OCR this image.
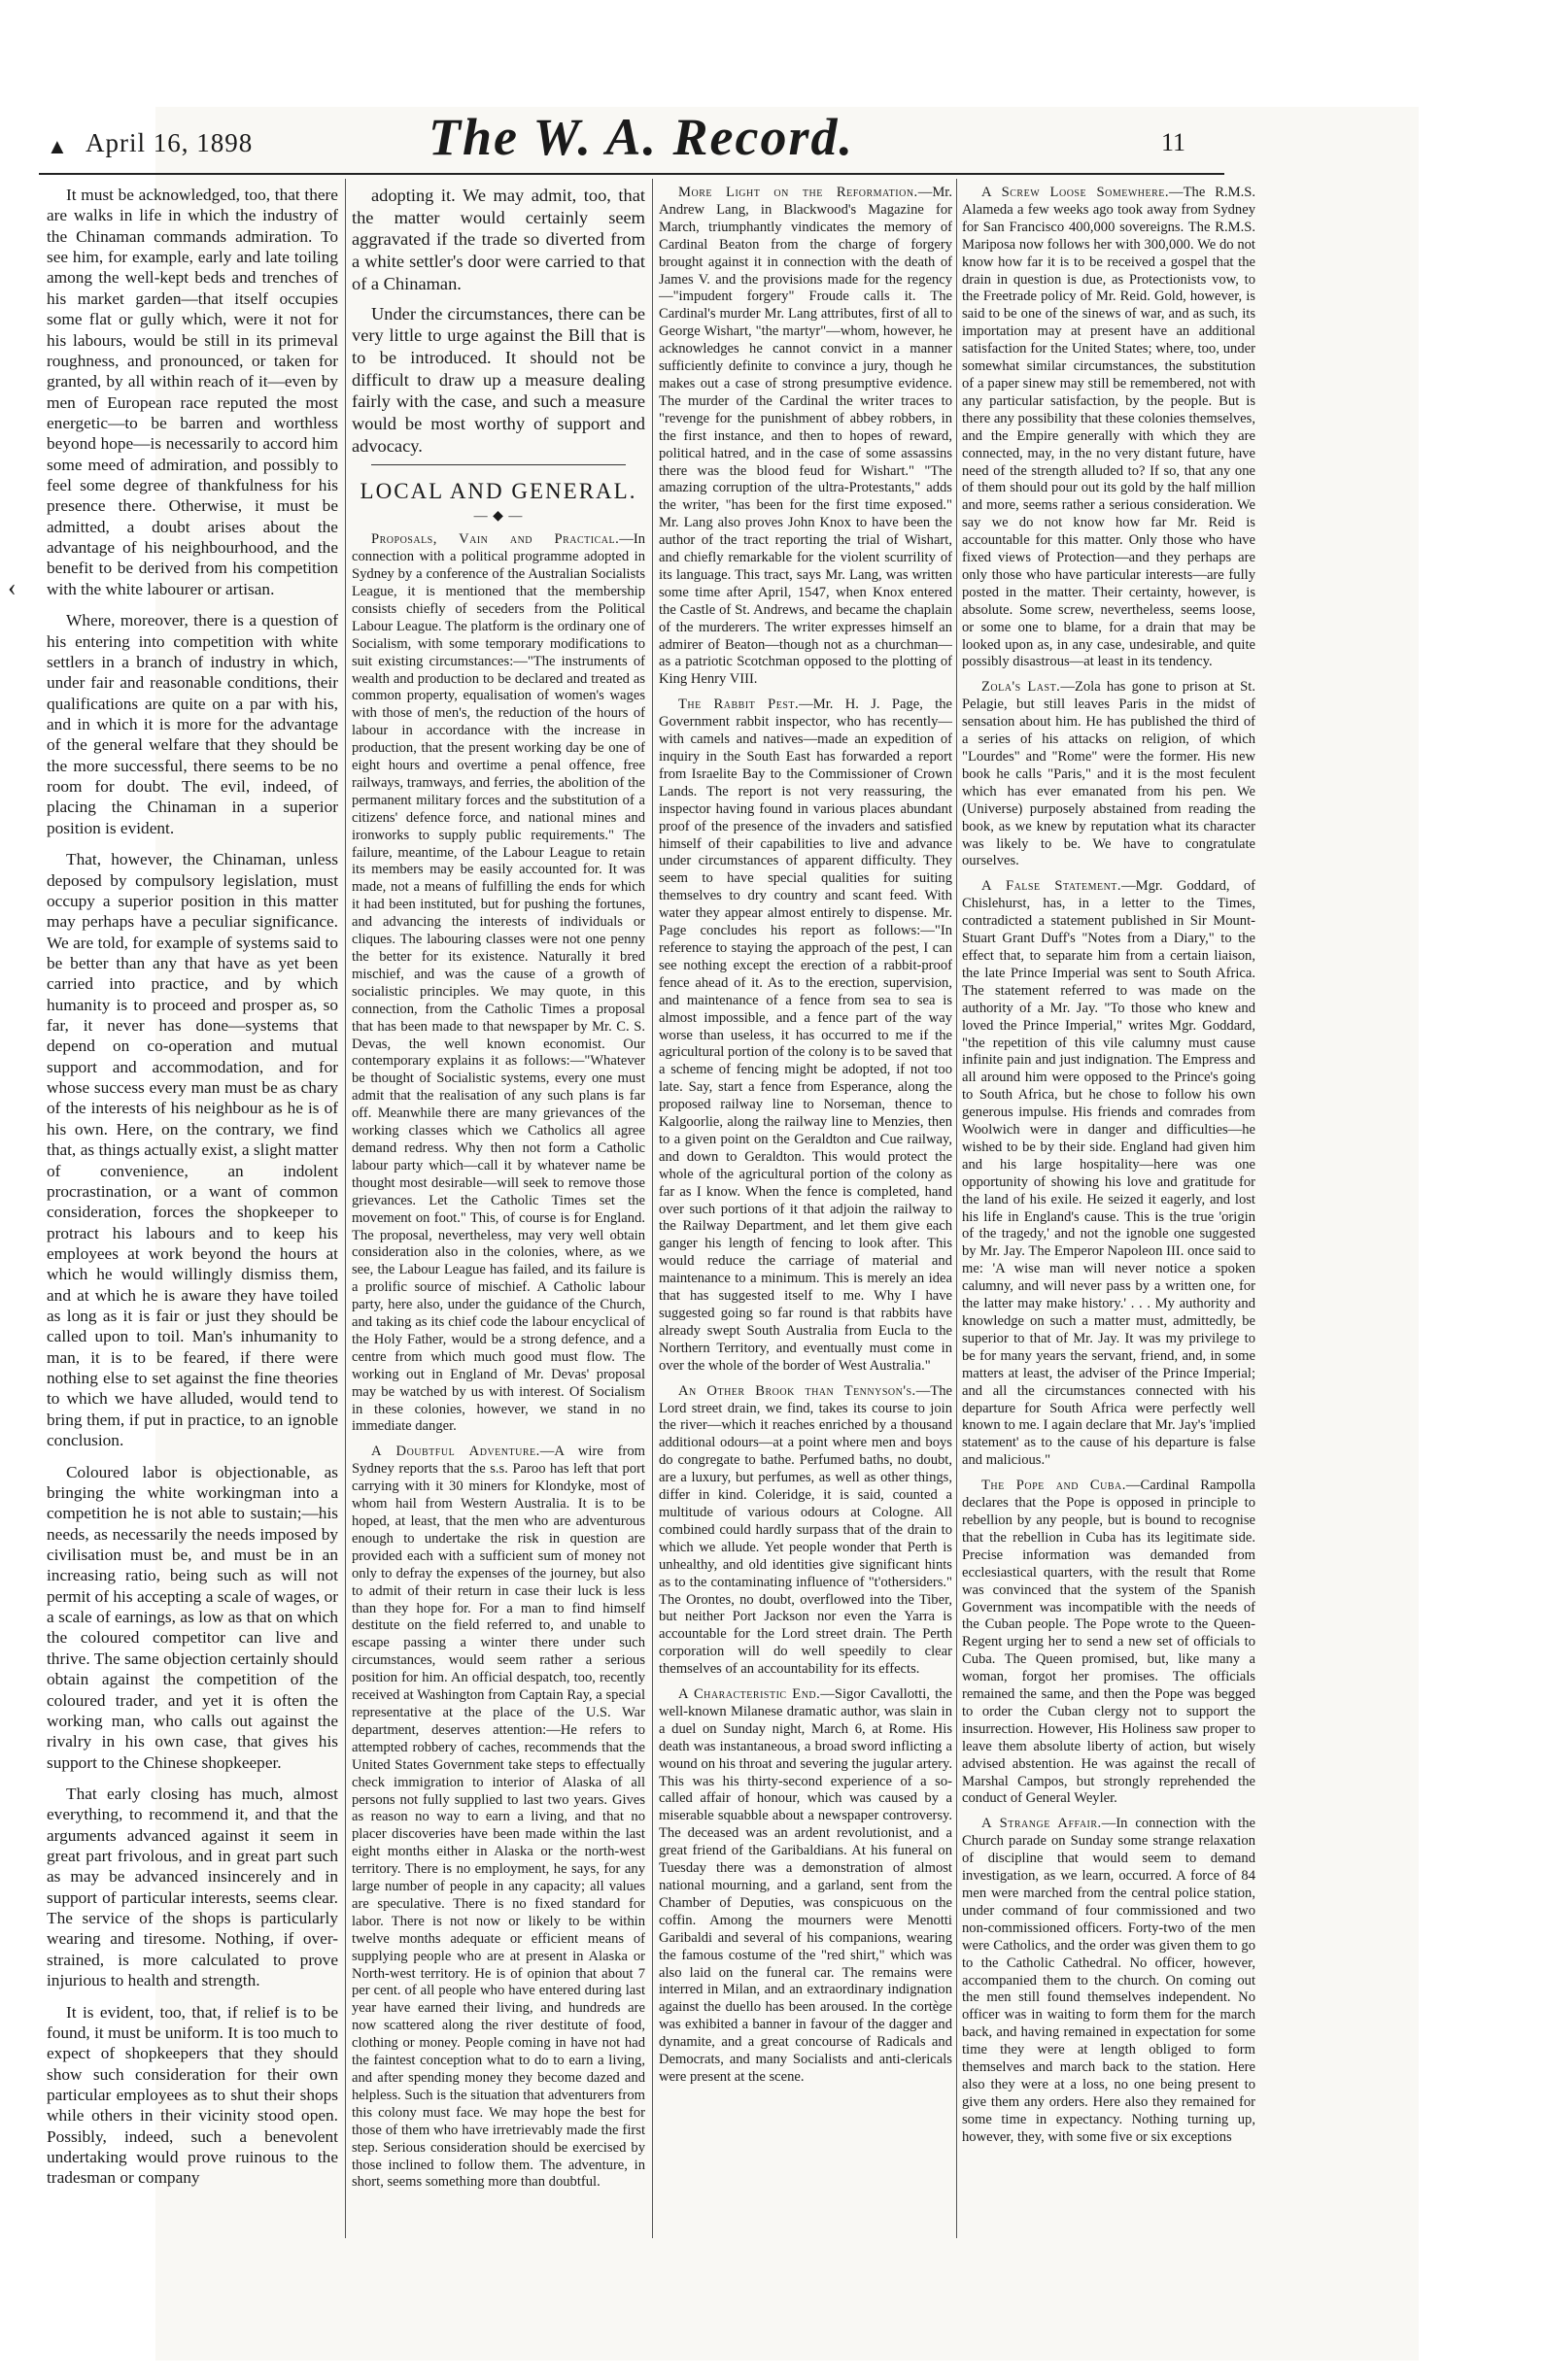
▲ April 16, 1898	The W. A. Record.	11
‹

It must be acknowledged, too, that there are walks in life in which the industry of the Chinaman commands admiration. To see him, for example, early and late toiling among the well-kept beds and trenches of his market garden—that itself occupies some flat or gully which, were it not for his labours, would be still in its primeval roughness, and pronounced, or taken for granted, by all within reach of it—even by men of European race reputed the most energetic—to be barren and worthless beyond hope—is necessarily to accord him some meed of admiration, and possibly to feel some degree of thankfulness for his presence there. Otherwise, it must be admitted, a doubt arises about the advantage of his neighbourhood, and the benefit to be derived from his competition with the white labourer or artisan.

Where, moreover, there is a question of his entering into competition with white settlers in a branch of industry in which, under fair and reasonable conditions, their qualifications are quite on a par with his, and in which it is more for the advantage of the general welfare that they should be the more successful, there seems to be no room for doubt. The evil, indeed, of placing the Chinaman in a superior position is evident.

That, however, the Chinaman, unless deposed by compulsory legislation, must occupy a superior position in this matter may perhaps have a peculiar significance. We are told, for example of systems said to be better than any that have as yet been carried into practice, and by which humanity is to proceed and prosper as, so far, it never has done—systems that depend on co-operation and mutual support and accommodation, and for whose success every man must be as chary of the interests of his neighbour as he is of his own. Here, on the contrary, we find that, as things actually exist, a slight matter of convenience, an indolent procrastination, or a want of common consideration, forces the shopkeeper to protract his labours and to keep his employees at work beyond the hours at which he would willingly dismiss them, and at which he is aware they have toiled as long as it is fair or just they should be called upon to toil. Man's inhumanity to man, it is to be feared, if there were nothing else to set against the fine theories to which we have alluded, would tend to bring them, if put in practice, to an ignoble conclusion.

Coloured labor is objectionable, as bringing the white workingman into a competition he is not able to sustain;—his needs, as necessarily the needs imposed by civilisation must be, and must be in an increasing ratio, being such as will not permit of his accepting a scale of wages, or a scale of earnings, as low as that on which the coloured competitor can live and thrive. The same objection certainly should obtain against the competition of the coloured trader, and yet it is often the working man, who calls out against the rivalry in his own case, that gives his support to the Chinese shopkeeper.

That early closing has much, almost everything, to recommend it, and that the arguments advanced against it seem in great part frivolous, and in great part such as may be advanced insincerely and in support of particular interests, seems clear. The service of the shops is particularly wearing and tiresome. Nothing, if over-strained, is more calculated to prove injurious to health and strength.

It is evident, too, that, if relief is to be found, it must be uniform. It is too much to expect of shopkeepers that they should show such consideration for their own particular employees as to shut their shops while others in their vicinity stood open. Possibly, indeed, such a benevolent undertaking would prove ruinous to the tradesman or company

adopting it. We may admit, too, that the matter would certainly seem aggravated if the trade so diverted from a white settler's door were carried to that of a Chinaman.

Under the circumstances, there can be very little to urge against the Bill that is to be introduced. It should not be difficult to draw up a measure dealing fairly with the case, and such a measure would be most worthy of support and advocacy.

LOCAL AND GENERAL.
— ◆ —

Proposals, Vain and Practical.—In connection with a political programme adopted in Sydney by a conference of the Australian Socialists League, it is mentioned that the membership consists chiefly of seceders from the Political Labour League. The platform is the ordinary one of Socialism, with some temporary modifications to suit existing circumstances:—"The instruments of wealth and production to be declared and treated as common property, equalisation of women's wages with those of men's, the reduction of the hours of labour in accordance with the increase in production, that the present working day be one of eight hours and overtime a penal offence, free railways, tramways, and ferries, the abolition of the permanent military forces and the substitution of a citizens' defence force, and national mines and ironworks to supply public requirements." The failure, meantime, of the Labour League to retain its members may be easily accounted for. It was made, not a means of fulfilling the ends for which it had been instituted, but for pushing the fortunes, and advancing the interests of individuals or cliques. The labouring classes were not one penny the better for its existence. Naturally it bred mischief, and was the cause of a growth of socialistic principles. We may quote, in this connection, from the Catholic Times a proposal that has been made to that newspaper by Mr. C. S. Devas, the well known economist. Our contemporary explains it as follows:—"Whatever be thought of Socialistic systems, every one must admit that the realisation of any such plans is far off. Meanwhile there are many grievances of the working classes which we Catholics all agree demand redress. Why then not form a Catholic labour party which—call it by whatever name be thought most desirable—will seek to remove those grievances. Let the Catholic Times set the movement on foot." This, of course is for England. The proposal, nevertheless, may very well obtain consideration also in the colonies, where, as we see, the Labour League has failed, and its failure is a prolific source of mischief. A Catholic labour party, here also, under the guidance of the Church, and taking as its chief code the labour encyclical of the Holy Father, would be a strong defence, and a centre from which much good must flow. The working out in England of Mr. Devas' proposal may be watched by us with interest. Of Socialism in these colonies, however, we stand in no immediate danger.

A Doubtful Adventure.—A wire from Sydney reports that the s.s. Paroo has left that port carrying with it 30 miners for Klondyke, most of whom hail from Western Australia. It is to be hoped, at least, that the men who are adventurous enough to undertake the risk in question are provided each with a sufficient sum of money not only to defray the expenses of the journey, but also to admit of their return in case their luck is less than they hope for. For a man to find himself destitute on the field referred to, and unable to escape passing a winter there under such circumstances, would seem rather a serious position for him. An official despatch, too, recently received at Washington from Captain Ray, a special representative at the place of the U.S. War department, deserves attention:—He refers to attempted robbery of caches, recommends that the United States Government take steps to effectually check immigration to interior of Alaska of all persons not fully supplied to last two years. Gives as reason no way to earn a living, and that no placer discoveries have been made within the last eight months either in Alaska or the north-west territory. There is no employment, he says, for any large number of people in any capacity; all values are speculative. There is no fixed standard for labor. There is not now or likely to be within twelve months adequate or efficient means of supplying people who are at present in Alaska or North-west territory. He is of opinion that about 7 per cent. of all people who have entered during last year have earned their living, and hundreds are now scattered along the river destitute of food, clothing or money. People coming in have not had the faintest conception what to do to earn a living, and after spending money they become dazed and helpless. Such is the situation that adventurers from this colony must face. We may hope the best for those of them who have irretrievably made the first step. Serious consideration should be exercised by those inclined to follow them. The adventure, in short, seems something more than doubtful.

More Light on the Reformation.—Mr. Andrew Lang, in Blackwood's Magazine for March, triumphantly vindicates the memory of Cardinal Beaton from the charge of forgery brought against it in connection with the death of James V. and the provisions made for the regency—"impudent forgery" Froude calls it. The Cardinal's murder Mr. Lang attributes, first of all to George Wishart, "the martyr"—whom, however, he acknowledges he cannot convict in a manner sufficiently definite to convince a jury, though he makes out a case of strong presumptive evidence. The murder of the Cardinal the writer traces to "revenge for the punishment of abbey robbers, in the first instance, and then to hopes of reward, political hatred, and in the case of some assassins there was the blood feud for Wishart." "The amazing corruption of the ultra-Protestants," adds the writer, "has been for the first time exposed." Mr. Lang also proves John Knox to have been the author of the tract reporting the trial of Wishart, and chiefly remarkable for the violent scurrility of its language. This tract, says Mr. Lang, was written some time after April, 1547, when Knox entered the Castle of St. Andrews, and became the chaplain of the murderers. The writer expresses himself an admirer of Beaton—though not as a churchman—as a patriotic Scotchman opposed to the plotting of King Henry VIII.

The Rabbit Pest.—Mr. H. J. Page, the Government rabbit inspector, who has recently—with camels and natives—made an expedition of inquiry in the South East has forwarded a report from Israelite Bay to the Commissioner of Crown Lands. The report is not very reassuring, the inspector having found in various places abundant proof of the presence of the invaders and satisfied himself of their capabilities to live and advance under circumstances of apparent difficulty. They seem to have special qualities for suiting themselves to dry country and scant feed. With water they appear almost entirely to dispense. Mr. Page concludes his report as follows:—"In reference to staying the approach of the pest, I can see nothing except the erection of a rabbit-proof fence ahead of it. As to the erection, supervision, and maintenance of a fence from sea to sea is almost impossible, and a fence part of the way worse than useless, it has occurred to me if the agricultural portion of the colony is to be saved that a scheme of fencing might be adopted, if not too late. Say, start a fence from Esperance, along the proposed railway line to Norseman, thence to Kalgoorlie, along the railway line to Menzies, then to a given point on the Geraldton and Cue railway, and down to Geraldton. This would protect the whole of the agricultural portion of the colony as far as I know. When the fence is completed, hand over such portions of it that adjoin the railway to the Railway Department, and let them give each ganger his length of fencing to look after. This would reduce the carriage of material and maintenance to a minimum. This is merely an idea that has suggested itself to me. Why I have suggested going so far round is that rabbits have already swept South Australia from Eucla to the Northern Territory, and eventually must come in over the whole of the border of West Australia."

An Other Brook than Tennyson's.—The Lord street drain, we find, takes its course to join the river—which it reaches enriched by a thousand additional odours—at a point where men and boys do congregate to bathe. Perfumed baths, no doubt, are a luxury, but perfumes, as well as other things, differ in kind. Coleridge, it is said, counted a multitude of various odours at Cologne. All combined could hardly surpass that of the drain to which we allude. Yet people wonder that Perth is unhealthy, and old identities give significant hints as to the contaminating influence of "t'othersiders." The Orontes, no doubt, overflowed into the Tiber, but neither Port Jackson nor even the Yarra is accountable for the Lord street drain. The Perth corporation will do well speedily to clear themselves of an accountability for its effects.

A Characteristic End.—Sigor Cavallotti, the well-known Milanese dramatic author, was slain in a duel on Sunday night, March 6, at Rome. His death was instantaneous, a broad sword inflicting a wound on his throat and severing the jugular artery. This was his thirty-second experience of a so-called affair of honour, which was caused by a miserable squabble about a newspaper controversy. The deceased was an ardent revolutionist, and a great friend of the Garibaldians. At his funeral on Tuesday there was a demonstration of almost national mourning, and a garland, sent from the Chamber of Deputies, was conspicuous on the coffin. Among the mourners were Menotti Garibaldi and several of his companions, wearing the famous costume of the "red shirt," which was also laid on the funeral car. The remains were interred in Milan, and an extraordinary indignation against the duello has been aroused. In the cortège was exhibited a banner in favour of the dagger and dynamite, and a great concourse of Radicals and Democrats, and many Socialists and anti-clericals were present at the scene.

A Screw Loose Somewhere.—The R.M.S. Alameda a few weeks ago took away from Sydney for San Francisco 400,000 sovereigns. The R.M.S. Mariposa now follows her with 300,000. We do not know how far it is to be received a gospel that the drain in question is due, as Protectionists vow, to the Freetrade policy of Mr. Reid. Gold, however, is said to be one of the sinews of war, and as such, its importation may at present have an additional satisfaction for the United States; where, too, under somewhat similar circumstances, the substitution of a paper sinew may still be remembered, not with any particular satisfaction, by the people. But is there any possibility that these colonies themselves, and the Empire generally with which they are connected, may, in the no very distant future, have need of the strength alluded to? If so, that any one of them should pour out its gold by the half million and more, seems rather a serious consideration. We say we do not know how far Mr. Reid is accountable for this matter. Only those who have fixed views of Protection—and they perhaps are only those who have particular interests—are fully posted in the matter. Their certainty, however, is absolute. Some screw, nevertheless, seems loose, or some one to blame, for a drain that may be looked upon as, in any case, undesirable, and quite possibly disastrous—at least in its tendency.

Zola's Last.—Zola has gone to prison at St. Pelagie, but still leaves Paris in the midst of sensation about him. He has published the third of a series of his attacks on religion, of which "Lourdes" and "Rome" were the former. His new book he calls "Paris," and it is the most feculent which has ever emanated from his pen. We (Universe) purposely abstained from reading the book, as we knew by reputation what its character was likely to be. We have to congratulate ourselves.

A False Statement.—Mgr. Goddard, of Chislehurst, has, in a letter to the Times, contradicted a statement published in Sir Mount-Stuart Grant Duff's "Notes from a Diary," to the effect that, to separate him from a certain liaison, the late Prince Imperial was sent to South Africa. The statement referred to was made on the authority of a Mr. Jay. "To those who knew and loved the Prince Imperial," writes Mgr. Goddard, "the repetition of this vile calumny must cause infinite pain and just indignation. The Empress and all around him were opposed to the Prince's going to South Africa, but he chose to follow his own generous impulse. His friends and comrades from Woolwich were in danger and difficulties—he wished to be by their side. England had given him and his large hospitality—here was one opportunity of showing his love and gratitude for the land of his exile. He seized it eagerly, and lost his life in England's cause. This is the true 'origin of the tragedy,' and not the ignoble one suggested by Mr. Jay. The Emperor Napoleon III. once said to me: 'A wise man will never notice a spoken calumny, and will never pass by a written one, for the latter may make history.' . . . My authority and knowledge on such a matter must, admittedly, be superior to that of Mr. Jay. It was my privilege to be for many years the servant, friend, and, in some matters at least, the adviser of the Prince Imperial; and all the circumstances connected with his departure for South Africa were perfectly well known to me. I again declare that Mr. Jay's 'implied statement' as to the cause of his departure is false and malicious."

The Pope and Cuba.—Cardinal Rampolla declares that the Pope is opposed in principle to rebellion by any people, but is bound to recognise that the rebellion in Cuba has its legitimate side. Precise information was demanded from ecclesiastical quarters, with the result that Rome was convinced that the system of the Spanish Government was incompatible with the needs of the Cuban people. The Pope wrote to the Queen-Regent urging her to send a new set of officials to Cuba. The Queen promised, but, like many a woman, forgot her promises. The officials remained the same, and then the Pope was begged to order the Cuban clergy not to support the insurrection. However, His Holiness saw proper to leave them absolute liberty of action, but wisely advised abstention. He was against the recall of Marshal Campos, but strongly reprehended the conduct of General Weyler.

A Strange Affair.—In connection with the Church parade on Sunday some strange relaxation of discipline that would seem to demand investigation, as we learn, occurred. A force of 84 men were marched from the central police station, under command of four commissioned and two non-commissioned officers. Forty-two of the men were Catholics, and the order was given them to go to the Catholic Cathedral. No officer, however, accompanied them to the church. On coming out the men still found themselves independent. No officer was in waiting to form them for the march back, and having remained in expectation for some time they were at length obliged to form themselves and march back to the station. Here also they were at a loss, no one being present to give them any orders. Here also they remained for some time in expectancy. Nothing turning up, however, they, with some five or six exceptions
